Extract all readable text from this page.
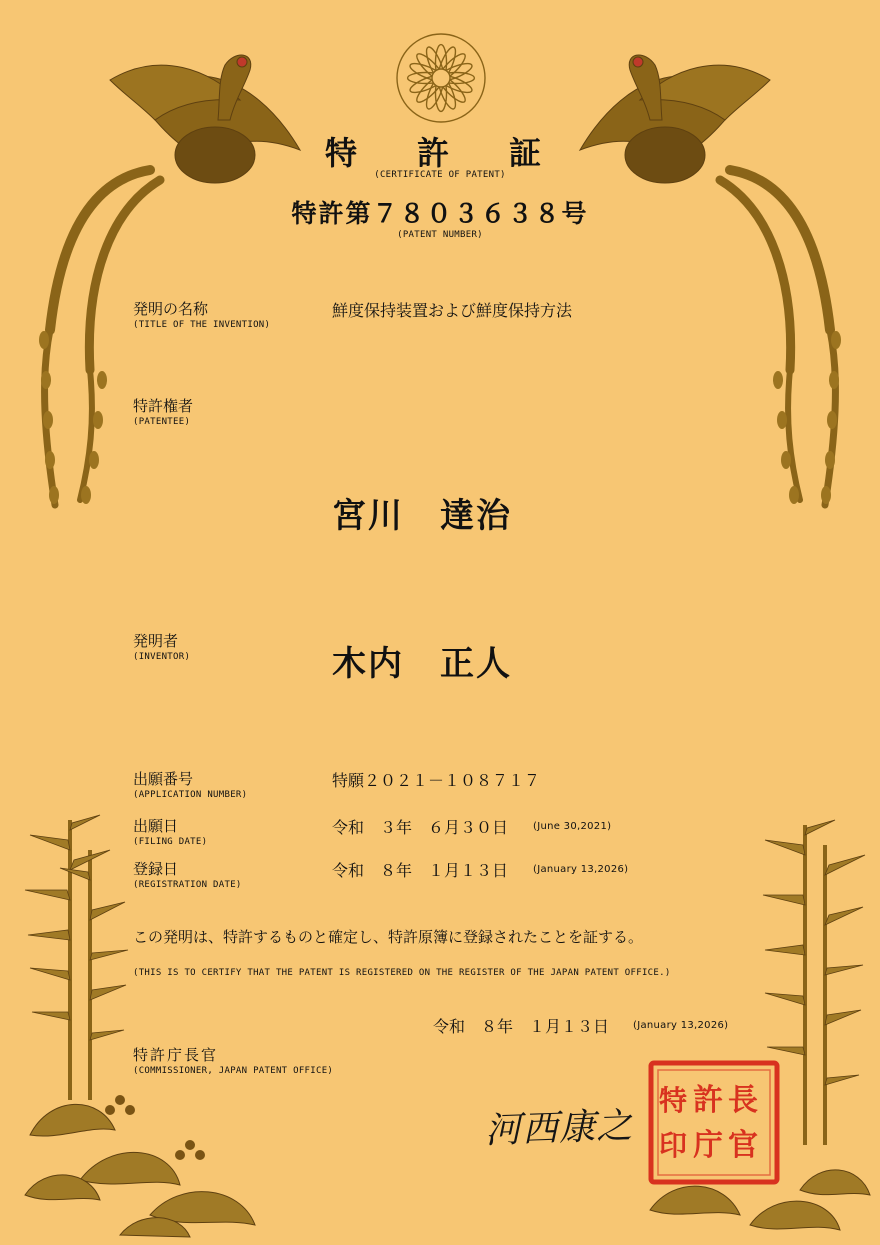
特　許　証
(CERTIFICATE OF PATENT)
特許第７８０３６３８号
(PATENT NUMBER)
発明の名称
(TITLE OF THE INVENTION)
鮮度保持装置および鮮度保持方法
特許権者
(PATENTEE)
宮川　達治
発明者
(INVENTOR)	木内　正人
出願番号
(APPLICATION NUMBER)
特願２０２１－１０８７１７
出願日
(FILING DATE)
令和　３年　６月３０日 (June 30,2021)
登録日
(REGISTRATION DATE)
令和　８年　１月１３日 (January 13,2026)
この発明は、特許するものと確定し、特許原簿に登録されたことを証する。
(THIS IS TO CERTIFY THAT THE PATENT IS REGISTERED ON THE REGISTER OF THE JAPAN PATENT OFFICE.)
令和　８年　１月１３日 (January 13,2026)
特許庁長官
(COMMISSIONER, JAPAN PATENT OFFICE)
河西康之
長
官
許
庁
特
印
